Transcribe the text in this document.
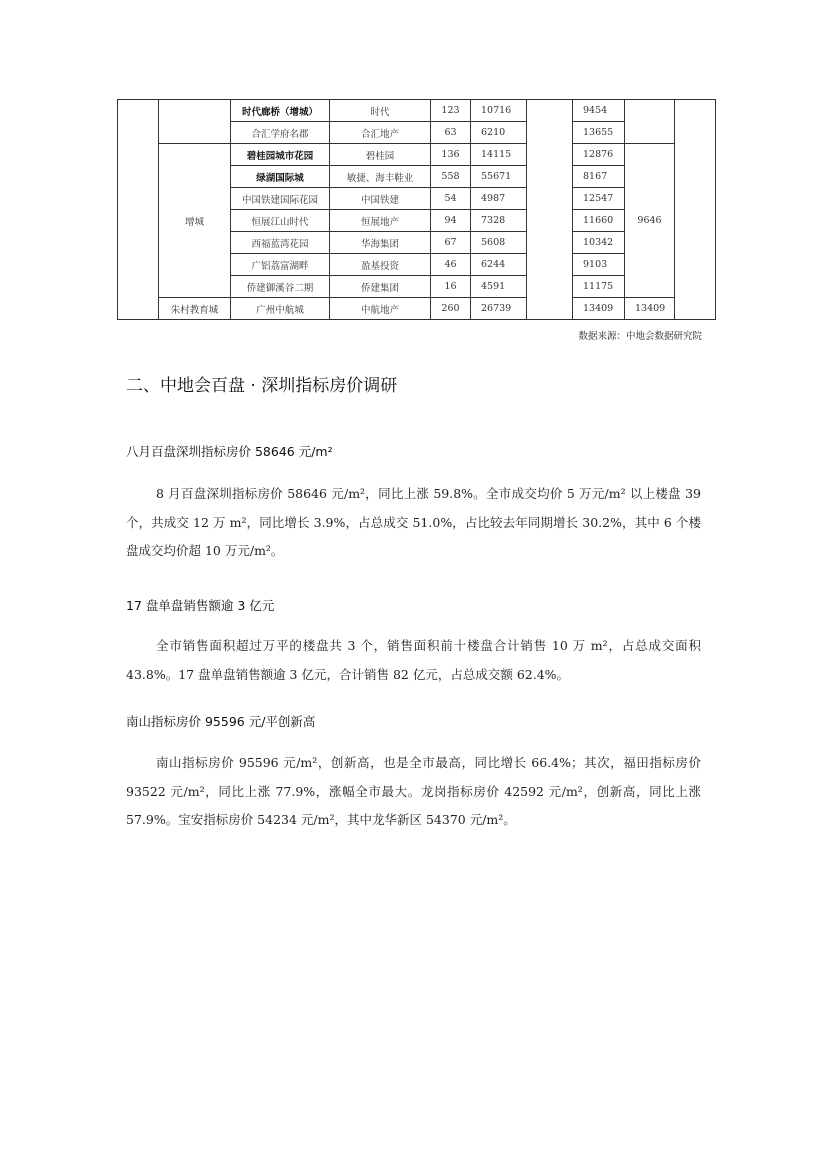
		时代廊桥（增城）	时代	123	10716		9454		
		合汇学府名郡	合汇地产	63	6210		13655		
	增城	碧桂园城市花园	碧桂园	136	14115		12876	9646	
		绿湖国际城	敏捷、海丰鞋业	558	55671		8167		
		中国铁建国际花园	中国铁建	54	4987		12547		
		恒展江山时代	恒展地产	94	7328		11660		
		西福蓝湾花园	华海集团	67	5608		10342		
		广铝荔富湖畔	盈基投资	46	6244		9103		
		侨建御溪谷二期	侨建集团	16	4591		11175		
	朱村教育城	广州中航城	中航地产	260	26739		13409	13409	
数据来源：中地会数据研究院
二、中地会百盘 · 深圳指标房价调研

八月百盘深圳指标房价 58646 元/m²

8 月百盘深圳指标房价 58646 元/m²，同比上涨 59.8%。全市成交均价 5 万元/m² 以上楼盘 39 个，共成交 12 万 m²，同比增长 3.9%，占总成交 51.0%，占比较去年同期增长 30.2%，其中 6 个楼盘成交均价超 10 万元/m²。

17 盘单盘销售额逾 3 亿元

全市销售面积超过万平的楼盘共 3 个，销售面积前十楼盘合计销售 10 万 m²，占总成交面积 43.8%。17 盘单盘销售额逾 3 亿元，合计销售 82 亿元，占总成交额 62.4%。

南山指标房价 95596 元/平创新高

南山指标房价 95596 元/m²，创新高，也是全市最高，同比增长 66.4%；其次，福田指标房价 93522 元/m²，同比上涨 77.9%，涨幅全市最大。龙岗指标房价 42592 元/m²，创新高，同比上涨 57.9%。宝安指标房价 54234 元/m²，其中龙华新区 54370 元/m²。
